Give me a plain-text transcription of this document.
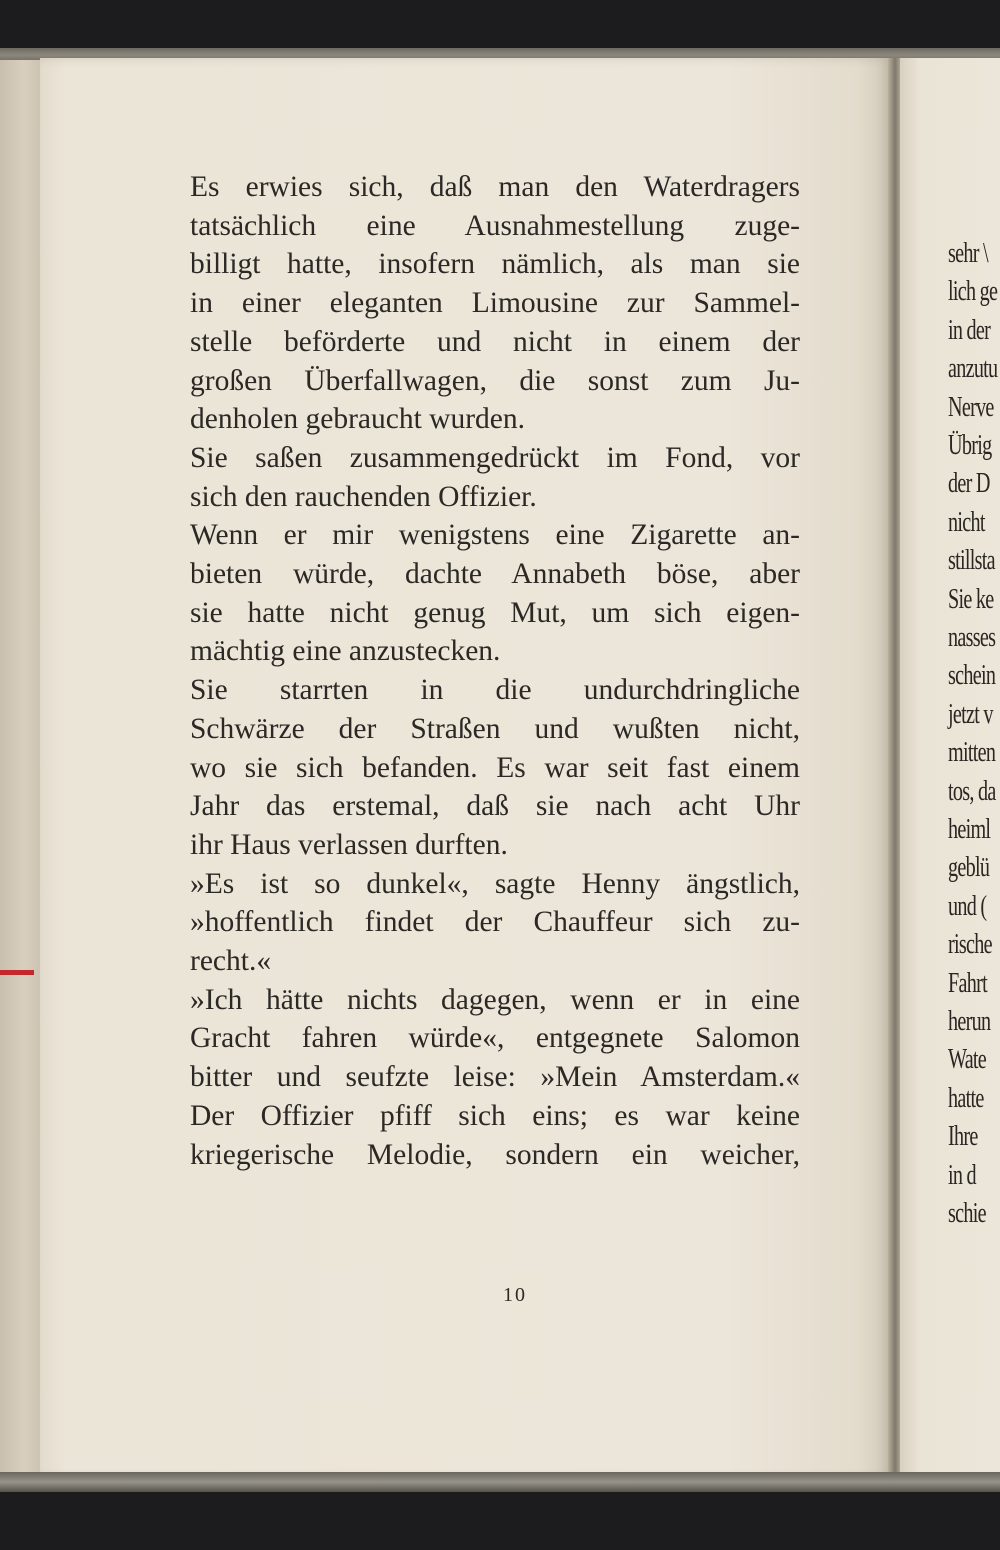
sehr \
lich ge
in der
anzutu
Nerve
Übrig
der D
nicht
stillsta
Sie ke
nasses
schein
jetzt v
mitten
tos, da
heiml
geblü
und (
rische
Fahrt
herun
Wate
hatte
Ihre
in d
schie
Es erwies sich, daß man den Waterdragers
tatsächlich eine Ausnahmestellung zuge-
billigt hatte, insofern nämlich, als man sie
in einer eleganten Limousine zur Sammel-
stelle beförderte und nicht in einem der
großen Überfallwagen, die sonst zum Ju-
denholen gebraucht wurden.
Sie saßen zusammengedrückt im Fond, vor
sich den rauchenden Offizier.
Wenn er mir wenigstens eine Zigarette an-
bieten würde, dachte Annabeth böse, aber
sie hatte nicht genug Mut, um sich eigen-
mächtig eine anzustecken.
Sie starrten in die undurchdringliche
Schwärze der Straßen und wußten nicht,
wo sie sich befanden. Es war seit fast einem
Jahr das erstemal, daß sie nach acht Uhr
ihr Haus verlassen durften.
»Es ist so dunkel«, sagte Henny ängstlich,
»hoffentlich findet der Chauffeur sich zu-
recht.«
»Ich hätte nichts dagegen, wenn er in eine
Gracht fahren würde«, entgegnete Salomon
bitter und seufzte leise: »Mein Amsterdam.«
Der Offizier pfiff sich eins; es war keine
kriegerische Melodie, sondern ein weicher,
10
